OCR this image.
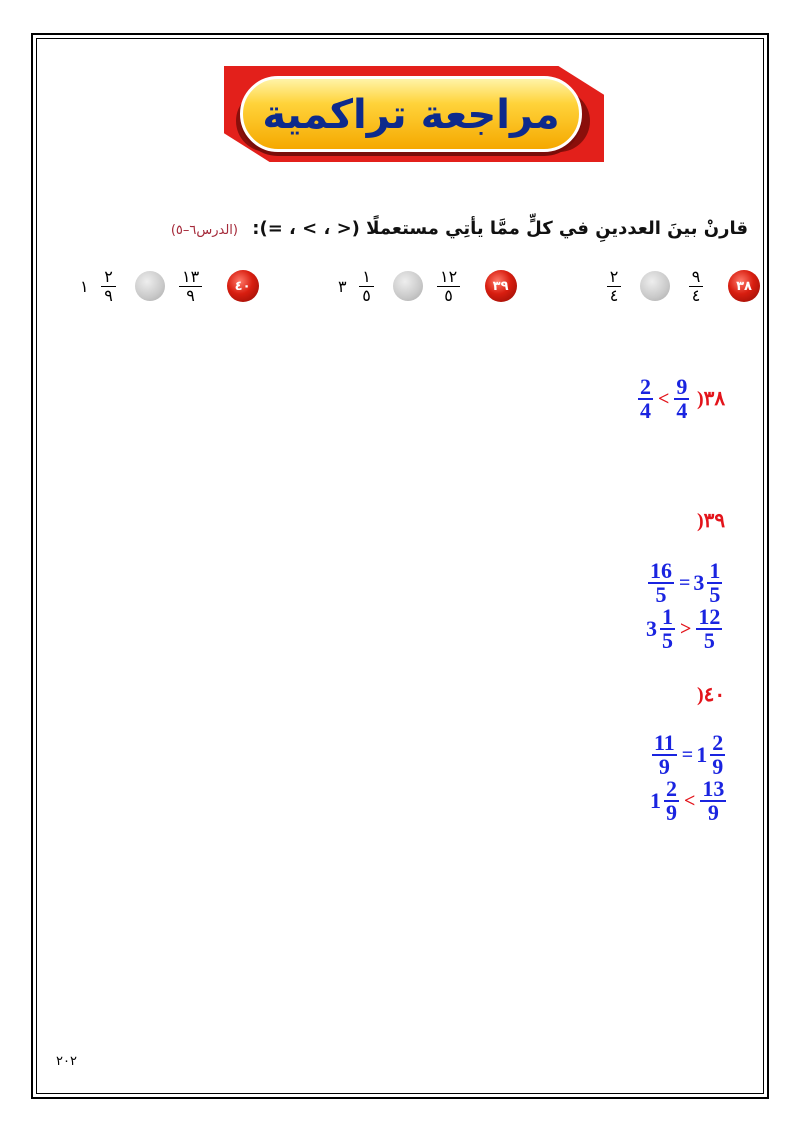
مراجعة تراكمية
قارنْ بينَ العددينِ في كلٍّ ممَّا يأتِي مستعملًا (< ، > ، =): (الدرس٦–٥)
١ $\frac{٢}{٩}$	$\frac{١٣}{٩}$	٤٠	٣ $\frac{١}{٥}$	$\frac{١٢}{٥}$	٣٩	$\frac{٢}{٤}$	$\frac{٩}{٤}$	٣٨
$\frac{2}{4} < \frac{9}{4}$ ٣٨(
٣٩(
$\frac{16}{5} = 3 \frac{1}{5}$
$3 \frac{1}{5} > \frac{12}{5}$
٤٠(
$\frac{11}{9} = 1 \frac{2}{9}$
$1 \frac{2}{9} < \frac{13}{9}$
٢٠٢
